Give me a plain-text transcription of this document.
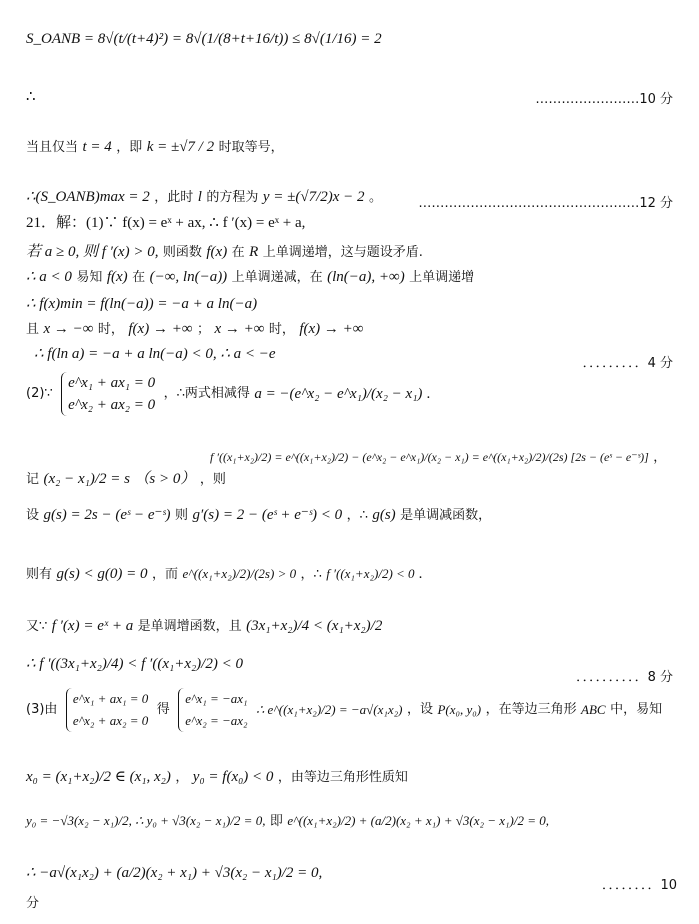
S_OANB = 8√(t/(t+4)²) = 8√(1/(8+t+16/t)) ≤ 8√(1/16) = 2
∴	……………………10 分
当且仅当 t = 4 ，即 k = ±√7 / 2 时取等号，
∴(S_OANB)max = 2 ，此时 l 的方程为 y = ±(√7/2)x − 2 。	……………………………………………12 分
21．解：(1)∵ f(x) = eˣ + ax, ∴ f ′(x) = eˣ + a,
若 a ≥ 0, 则 f ′(x) > 0, 则函数 f(x) 在 R 上单调递增，这与题设矛盾.
∴ a < 0 易知 f(x) 在 (−∞, ln(−a)) 上单调递减，在 (ln(−a), +∞) 上单调递增
∴ f(x)min = f(ln(−a)) = −a + a ln(−a)
且 x → −∞ 时， f(x) → +∞ ； x → +∞ 时， f(x) → +∞
∴ f(ln a) = −a + a ln(−a) < 0, ∴ a < −e
．．．．．．．．．4 分
(2)∵
e^x₁ + ax₁ = 0
e^x₂ + ax₂ = 0
，∴两式相减得 a = −(e^x₂ − e^x₁)/(x₂ − x₁) .
记 (x₂ − x₁)/2 = s （s > 0） ，则
f ′((x₁+x₂)/2) = e^((x₁+x₂)/2) − (e^x₂ − e^x₁)/(x₂ − x₁) = e^((x₁+x₂)/2)/(2s) [2s − (eˢ − e⁻ˢ)] ，
设 g(s) = 2s − (eˢ − e⁻ˢ) 则 g′(s) = 2 − (eˢ + e⁻ˢ) < 0 ，∴ g(s) 是单调减函数，
则有 g(s) < g(0) = 0 ，而 e^((x₁+x₂)/2)/(2s) > 0 ，∴ f ′((x₁+x₂)/2) < 0 .
又∵ f ′(x) = eˣ + a 是单调增函数，且 (3x₁+x₂)/4 < (x₁+x₂)/2
∴ f ′((3x₁+x₂)/4) < f ′((x₁+x₂)/2) < 0
．．．．．．．．．．8 分
(3)由
e^x₁ + ax₁ = 0
e^x₂ + ax₂ = 0
得
e^x₁ = −ax₁
e^x₂ = −ax₂
∴ e^((x₁+x₂)/2) = −a√(x₁x₂) ，设 P(x₀, y₀) ，在等边三角形 ABC 中，易知
x₀ = (x₁+x₂)/2 ∈ (x₁, x₂) ， y₀ = f(x₀) < 0 ，由等边三角形性质知
y₀ = −√3(x₂ − x₁)/2, ∴ y₀ + √3(x₂ − x₁)/2 = 0, 即 e^((x₁+x₂)/2) + (a/2)(x₂ + x₁) + √3(x₂ − x₁)/2 = 0,
∴ −a√(x₁x₂) + (a/2)(x₂ + x₁) + √3(x₂ − x₁)/2 = 0,
．．．．．．．．10
分
